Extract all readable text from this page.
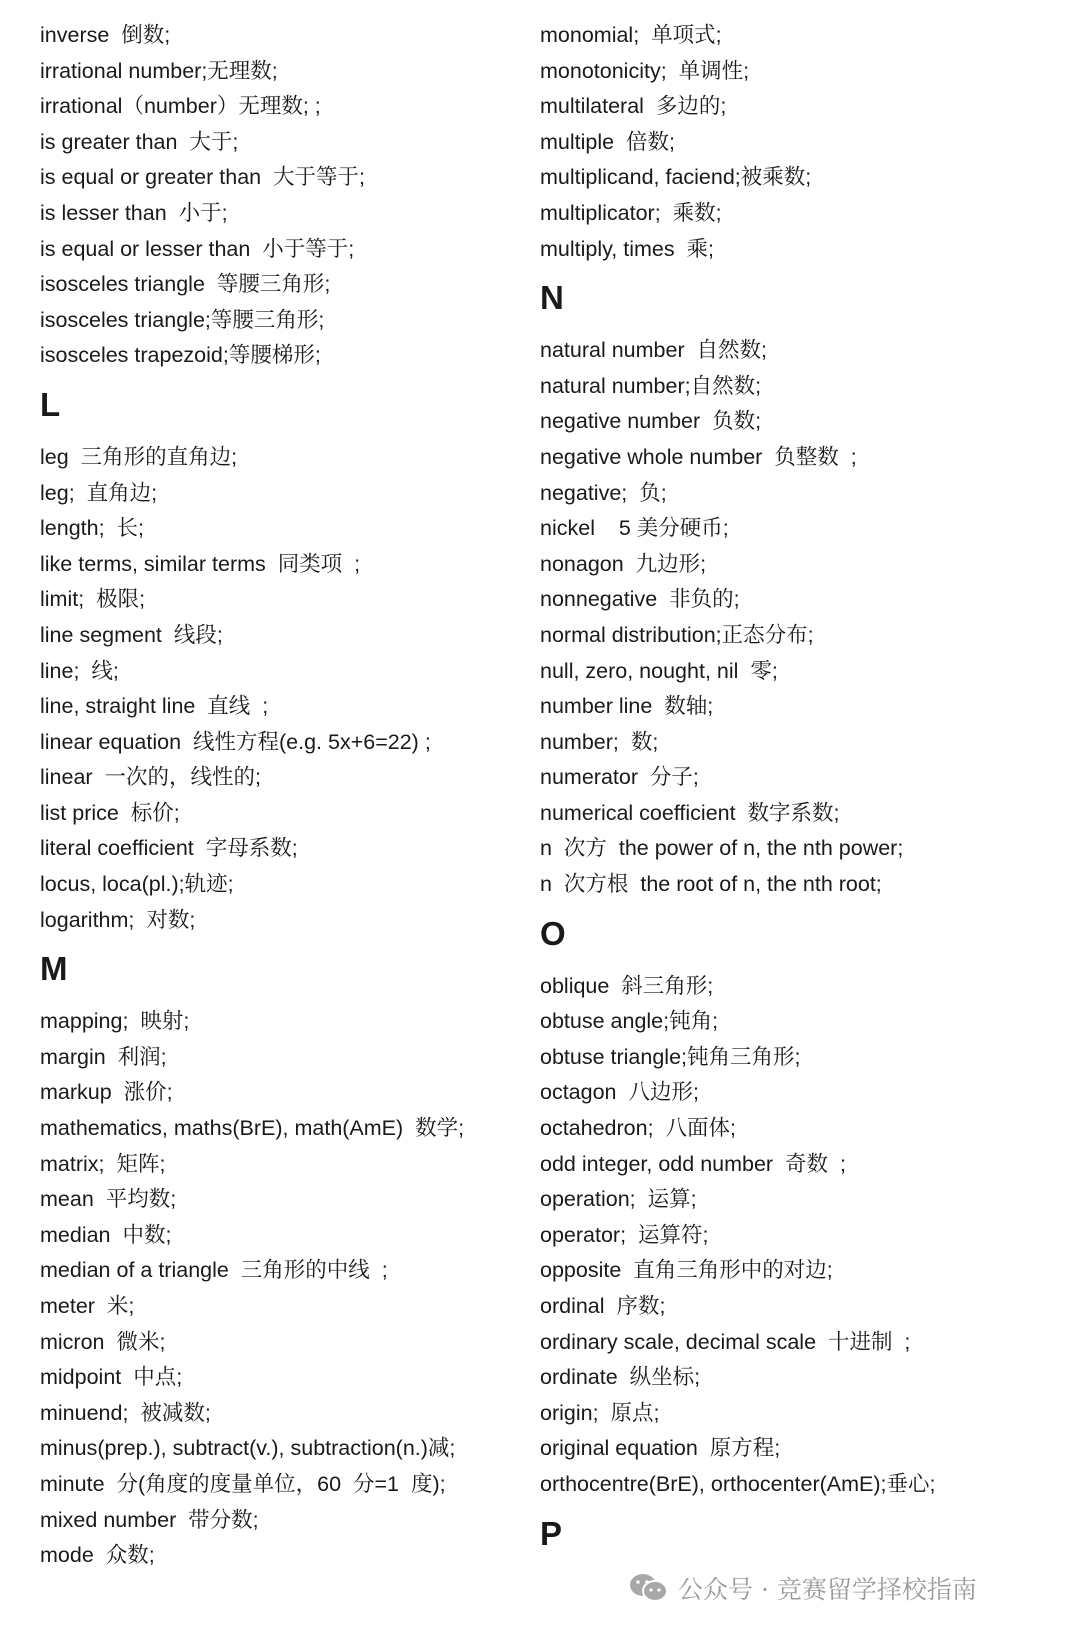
inverse  倒数;
irrational number;无理数;
irrational（number）无理数; ;
is greater than  大于;
is equal or greater than  大于等于;
is lesser than  小于;
is equal or lesser than  小于等于;
isosceles triangle  等腰三角形;
isosceles triangle;等腰三角形;
isosceles trapezoid;等腰梯形;
L
leg  三角形的直角边;
leg;  直角边;
length;  长;
like terms, similar terms  同类项  ;
limit;  极限;
line segment  线段;
line;  线;
line, straight line  直线  ;
linear equation  线性方程(e.g. 5x+6=22) ;
linear  一次的，线性的;
list price  标价;
literal coefficient  字母系数;
locus, loca(pl.);轨迹;
logarithm;  对数;
M
mapping;  映射;
margin  利润;
markup  涨价;
mathematics, maths(BrE), math(AmE)  数学;
matrix;  矩阵;
mean  平均数;
median  中数;
median of a triangle  三角形的中线  ;
meter  米;
micron  微米;
midpoint  中点;
minuend;  被减数;
minus(prep.), subtract(v.), subtraction(n.)减;
minute  分(角度的度量单位，60  分=1  度);
mixed number  带分数;
mode  众数;
monomial;  单项式;
monotonicity;  单调性;
multilateral  多边的;
multiple  倍数;
multiplicand, faciend;被乘数;
multiplicator;  乘数;
multiply, times  乘;
N
natural number  自然数;
natural number;自然数;
negative number  负数;
negative whole number  负整数  ;
negative;  负;
nickel    5 美分硬币;
nonagon  九边形;
nonnegative  非负的;
normal distribution;正态分布;
null, zero, nought, nil  零;
number line  数轴;
number;  数;
numerator  分子;
numerical coefficient  数字系数;
n  次方  the power of n, the nth power;
n  次方根  the root of n, the nth root;
O
oblique  斜三角形;
obtuse angle;钝角;
obtuse triangle;钝角三角形;
octagon  八边形;
octahedron;  八面体;
odd integer, odd number  奇数  ;
operation;  运算;
operator;  运算符;
opposite  直角三角形中的对边;
ordinal  序数;
ordinary scale, decimal scale  十进制  ;
ordinate  纵坐标;
origin;  原点;
original equation  原方程;
orthocentre(BrE), orthocenter(AmE);垂心;
P
公众号 · 竞赛留学择校指南
